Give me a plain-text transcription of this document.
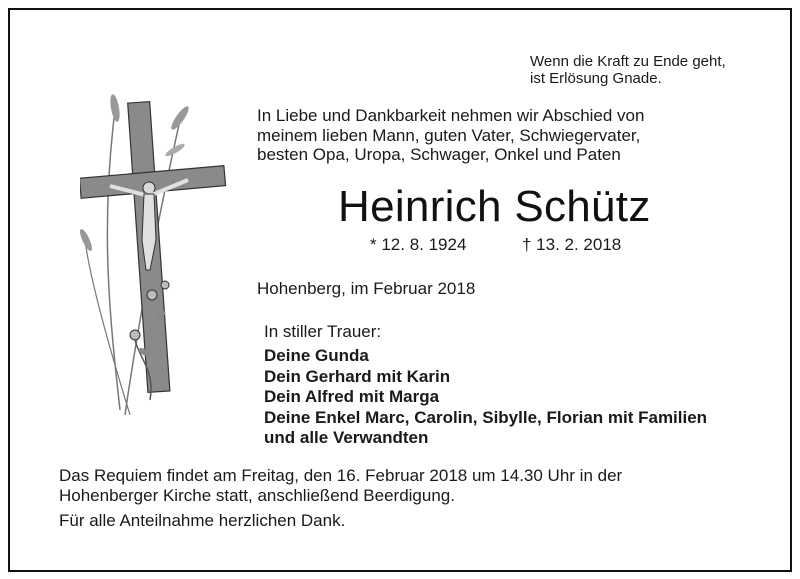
Wenn die Kraft zu Ende geht,
ist Erlösung Gnade.
In Liebe und Dankbarkeit nehmen wir Abschied von
meinem lieben Mann, guten Vater, Schwiegervater,
besten Opa, Uropa, Schwager, Onkel und Paten
Heinrich Schütz
* 12. 8. 1924	† 13. 2. 2018
Hohenberg, im Februar 2018
In stiller Trauer:
Deine Gunda
Dein Gerhard mit Karin
Dein Alfred mit Marga
Deine Enkel Marc, Carolin, Sibylle, Florian mit Familien
und alle Verwandten
Das Requiem findet am Freitag, den 16. Februar 2018 um 14.30 Uhr in der
Hohenberger Kirche statt, anschließend Beerdigung.
Für alle Anteilnahme herzlichen Dank.
